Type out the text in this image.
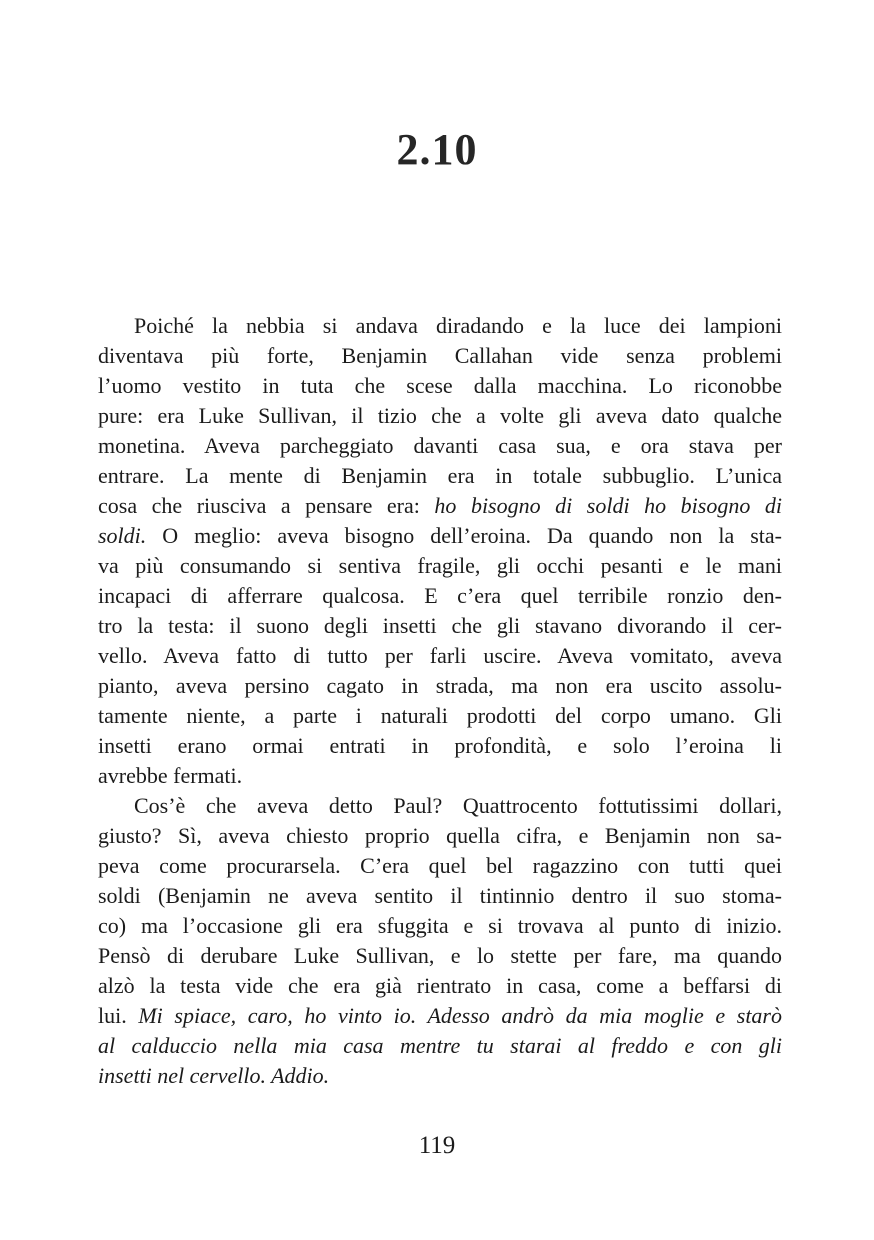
2.10
Poiché la nebbia si andava diradando e la luce dei lampioni
diventava più forte, Benjamin Callahan vide senza problemi
l’uomo vestito in tuta che scese dalla macchina. Lo riconobbe
pure: era Luke Sullivan, il tizio che a volte gli aveva dato qualche
monetina. Aveva parcheggiato davanti casa sua, e ora stava per
entrare. La mente di Benjamin era in totale subbuglio. L’unica
cosa che riusciva a pensare era: ho bisogno di soldi ho bisogno di
soldi. O meglio: aveva bisogno dell’eroina. Da quando non la sta-
va più consumando si sentiva fragile, gli occhi pesanti e le mani
incapaci di afferrare qualcosa. E c’era quel terribile ronzio den-
tro la testa: il suono degli insetti che gli stavano divorando il cer-
vello. Aveva fatto di tutto per farli uscire. Aveva vomitato, aveva
pianto, aveva persino cagato in strada, ma non era uscito assolu-
tamente niente, a parte i naturali prodotti del corpo umano. Gli
insetti erano ormai entrati in profondità, e solo l’eroina li
avrebbe fermati.
Cos’è che aveva detto Paul? Quattrocento fottutissimi dollari,
giusto? Sì, aveva chiesto proprio quella cifra, e Benjamin non sa-
peva come procurarsela. C’era quel bel ragazzino con tutti quei
soldi (Benjamin ne aveva sentito il tintinnio dentro il suo stoma-
co) ma l’occasione gli era sfuggita e si trovava al punto di inizio.
Pensò di derubare Luke Sullivan, e lo stette per fare, ma quando
alzò la testa vide che era già rientrato in casa, come a beffarsi di
lui. Mi spiace, caro, ho vinto io. Adesso andrò da mia moglie e starò
al calduccio nella mia casa mentre tu starai al freddo e con gli
insetti nel cervello. Addio.
119
